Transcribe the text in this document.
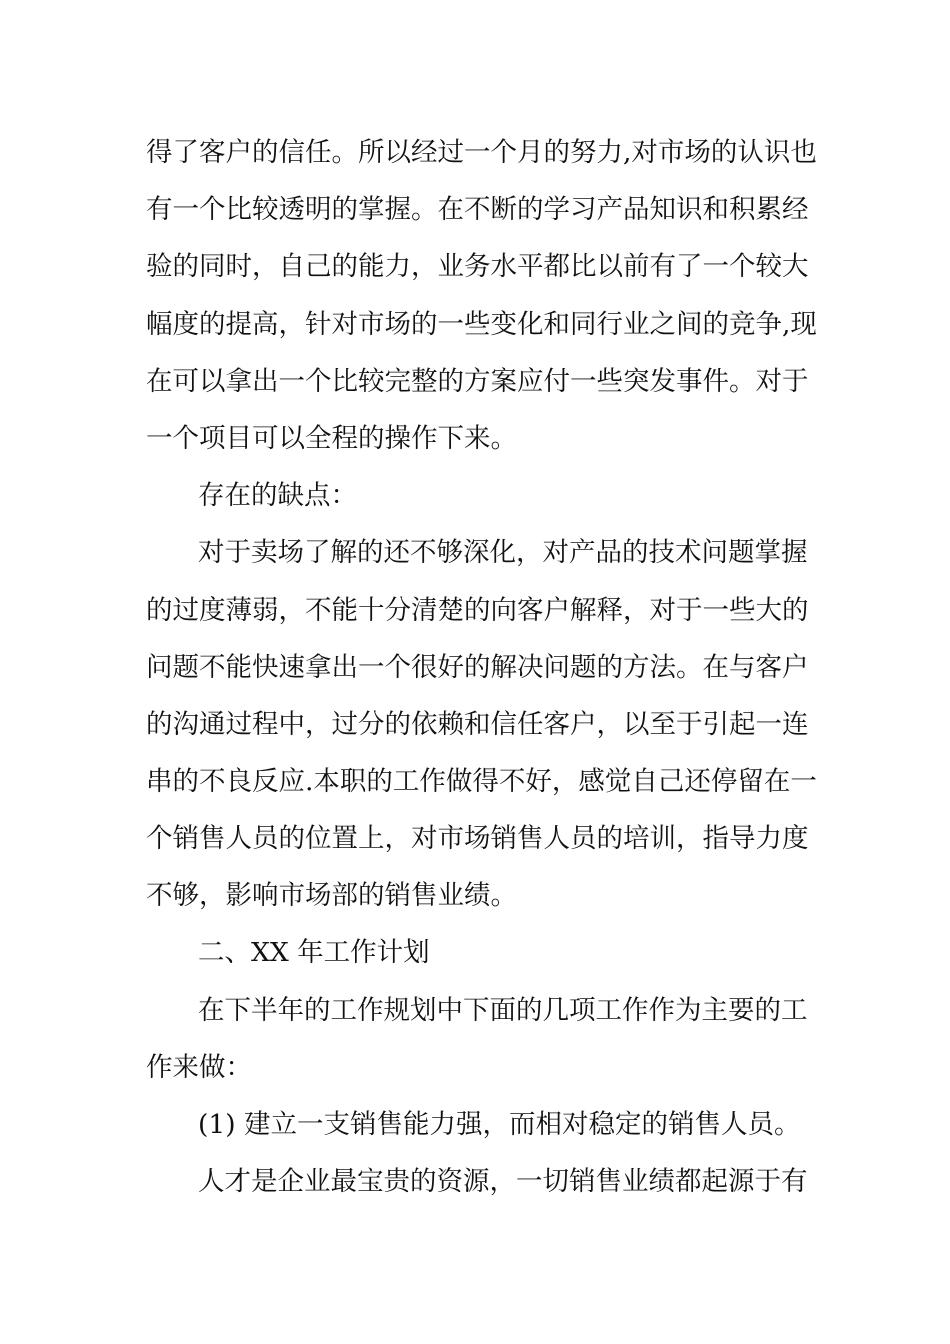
得了客户的信任。所以经过一个月的努力,对市场的认识也
有一个比较透明的掌握。在不断的学习产品知识和积累经
验的同时，自己的能力，业务水平都比以前有了一个较大
幅度的提高，针对市场的一些变化和同行业之间的竞争,现
在可以拿出一个比较完整的方案应付一些突发事件。对于
一个项目可以全程的操作下来。
存在的缺点：
对于卖场了解的还不够深化，对产品的技术问题掌握
的过度薄弱，不能十分清楚的向客户解释，对于一些大的
问题不能快速拿出一个很好的解决问题的方法。在与客户
的沟通过程中，过分的依赖和信任客户，以至于引起一连
串的不良反应.本职的工作做得不好，感觉自己还停留在一
个销售人员的位置上，对市场销售人员的培训，指导力度
不够，影响市场部的销售业绩。
二、XX 年工作计划
在下半年的工作规划中下面的几项工作作为主要的工
作来做：
(1) 建立一支销售能力强，而相对稳定的销售人员。
人才是企业最宝贵的资源，一切销售业绩都起源于有
